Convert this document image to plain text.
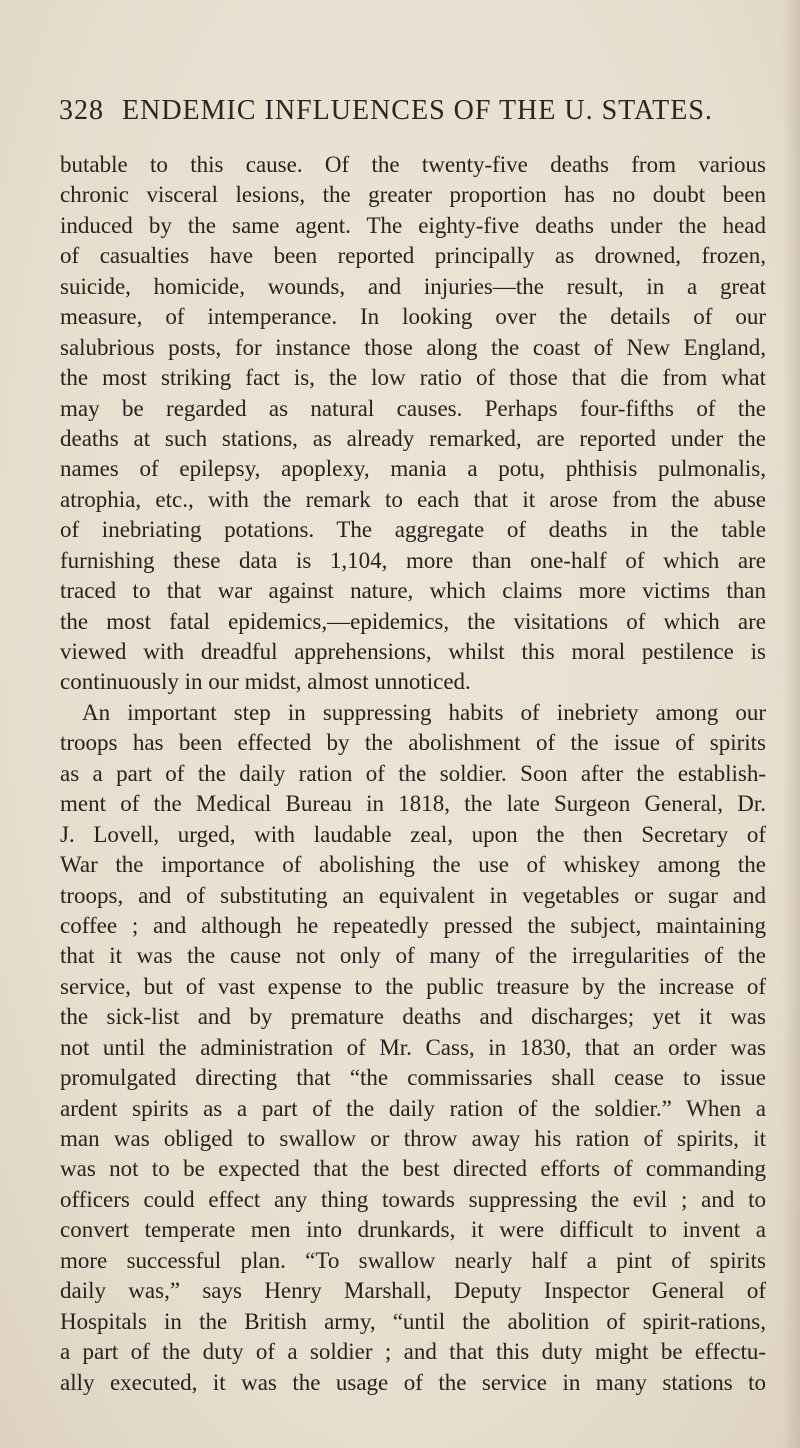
328 ENDEMIC INFLUENCES OF THE U. STATES.
butable to this cause. Of the twenty-five deaths from various
chronic visceral lesions, the greater proportion has no doubt been
induced by the same agent. The eighty-five deaths under the head
of casualties have been reported principally as drowned, frozen,
suicide, homicide, wounds, and injuries—the result, in a great
measure, of intemperance. In looking over the details of our
salubrious posts, for instance those along the coast of New England,
the most striking fact is, the low ratio of those that die from what
may be regarded as natural causes. Perhaps four-fifths of the
deaths at such stations, as already remarked, are reported under the
names of epilepsy, apoplexy, mania a potu, phthisis pulmonalis,
atrophia, etc., with the remark to each that it arose from the abuse
of inebriating potations. The aggregate of deaths in the table
furnishing these data is 1,104, more than one-half of which are
traced to that war against nature, which claims more victims than
the most fatal epidemics,—epidemics, the visitations of which are
viewed with dreadful apprehensions, whilst this moral pestilence is
continuously in our midst, almost unnoticed.
An important step in suppressing habits of inebriety among our
troops has been effected by the abolishment of the issue of spirits
as a part of the daily ration of the soldier. Soon after the establish-
ment of the Medical Bureau in 1818, the late Surgeon General, Dr.
J. Lovell, urged, with laudable zeal, upon the then Secretary of
War the importance of abolishing the use of whiskey among the
troops, and of substituting an equivalent in vegetables or sugar and
coffee ; and although he repeatedly pressed the subject, maintaining
that it was the cause not only of many of the irregularities of the
service, but of vast expense to the public treasure by the increase of
the sick-list and by premature deaths and discharges; yet it was
not until the administration of Mr. Cass, in 1830, that an order was
promulgated directing that “the commissaries shall cease to issue
ardent spirits as a part of the daily ration of the soldier.” When a
man was obliged to swallow or throw away his ration of spirits, it
was not to be expected that the best directed efforts of commanding
officers could effect any thing towards suppressing the evil ; and to
convert temperate men into drunkards, it were difficult to invent a
more successful plan. “To swallow nearly half a pint of spirits
daily was,” says Henry Marshall, Deputy Inspector General of
Hospitals in the British army, “until the abolition of spirit-rations,
a part of the duty of a soldier ; and that this duty might be effectu-
ally executed, it was the usage of the service in many stations to
